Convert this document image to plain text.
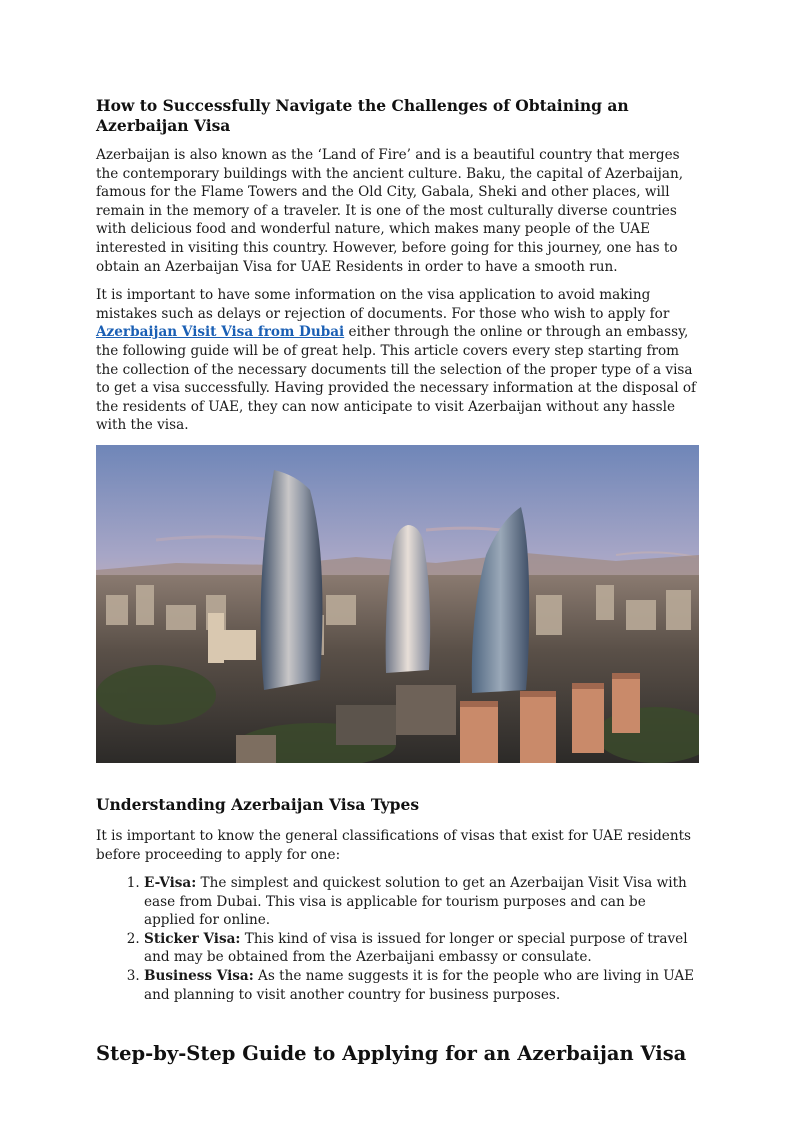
How to Successfully Navigate the Challenges of Obtaining an Azerbaijan Visa

Azerbaijan is also known as the ‘Land of Fire’ and is a beautiful country that merges the contemporary buildings with the ancient culture. Baku, the capital of Azerbaijan, famous for the Flame Towers and the Old City, Gabala, Sheki and other places, will remain in the memory of a traveler. It is one of the most culturally diverse countries with delicious food and wonderful nature, which makes many people of the UAE interested in visiting this country. However, before going for this journey, one has to obtain an Azerbaijan Visa for UAE Residents in order to have a smooth run.

It is important to have some information on the visa application to avoid making mistakes such as delays or rejection of documents. For those who wish to apply for Azerbaijan Visit Visa from Dubai either through the online or through an embassy, the following guide will be of great help. This article covers every step starting from the collection of the necessary documents till the selection of the proper type of a visa to get a visa successfully. Having provided the necessary information at the disposal of the residents of UAE, they can now anticipate to visit Azerbaijan without any hassle with the visa.

Understanding Azerbaijan Visa Types

It is important to know the general classifications of visas that exist for UAE residents before proceeding to apply for one:

1. E-Visa: The simplest and quickest solution to get an Azerbaijan Visit Visa with ease from Dubai. This visa is applicable for tourism purposes and can be applied for online.
2. Sticker Visa: This kind of visa is issued for longer or special purpose of travel and may be obtained from the Azerbaijani embassy or consulate.
3. Business Visa: As the name suggests it is for the people who are living in UAE and planning to visit another country for business purposes.
Step-by-Step Guide to Applying for an Azerbaijan Visa
